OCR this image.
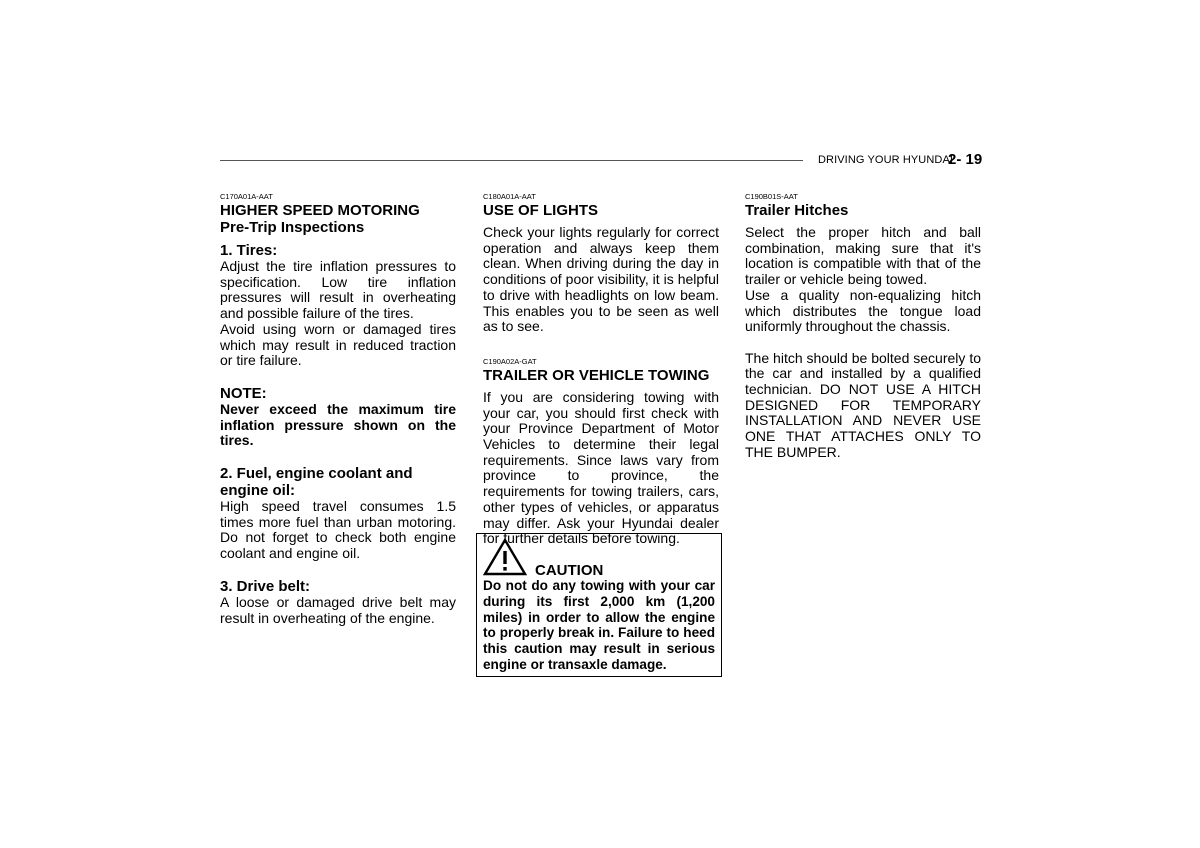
DRIVING YOUR HYUNDAI
2- 19
C170A01A-AAT
HIGHER SPEED MOTORING
Pre-Trip Inspections
1. Tires:

Adjust the tire inflation pressures to specification. Low tire inflation pressures will result in overheating and possible failure of the tires.

Avoid using worn or damaged tires which may result in reduced traction or tire failure.

NOTE:

Never exceed the maximum tire inflation pressure shown on the tires.

2. Fuel, engine coolant and engine oil:

High speed travel consumes 1.5 times more fuel than urban motoring. Do not forget to check both engine coolant and engine oil.

3. Drive belt:

A loose or damaged drive belt may result in overheating of the engine.

C180A01A-AAT
USE OF LIGHTS

Check your lights regularly for correct operation and always keep them clean. When driving during the day in conditions of poor visibility, it is helpful to drive with headlights on low beam. This enables you to be seen as well as to see.

C190A02A-GAT
TRAILER OR VEHICLE TOWING

If you are considering towing with your car, you should first check with your Province Department of Motor Vehicles to determine their legal requirements. Since laws vary from province to province, the requirements for towing trailers, cars, other types of vehicles, or apparatus may differ. Ask your Hyundai dealer for further details before towing.

CAUTION

Do not do any towing with your car during its first 2,000 km (1,200 miles) in order to allow the engine to properly break in. Failure to heed this caution may result in serious engine or transaxle damage.

C190B01S-AAT
Trailer Hitches

Select the proper hitch and ball combination, making sure that it's location is compatible with that of the trailer or vehicle being towed.

Use a quality non-equalizing hitch which distributes the tongue load uniformly throughout the chassis.

The hitch should be bolted securely to the car and installed by a qualified technician. DO NOT USE A HITCH DESIGNED FOR TEMPORARY INSTALLATION AND NEVER USE ONE THAT ATTACHES ONLY TO THE BUMPER.
